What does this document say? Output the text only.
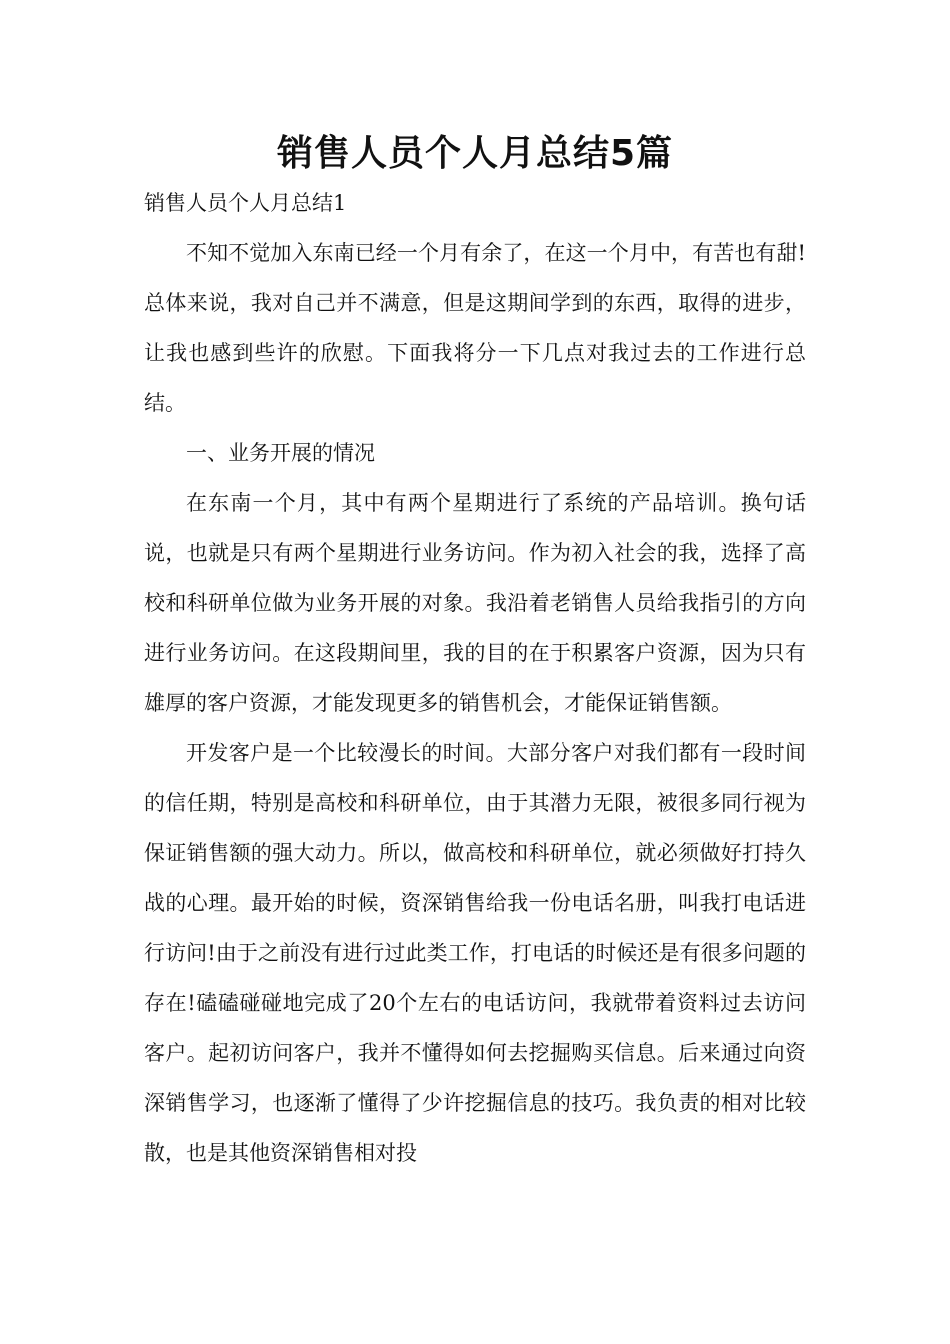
销售人员个人月总结5篇

销售人员个人月总结1

不知不觉加入东南已经一个月有余了，在这一个月中，有苦也有甜!总体来说，我对自己并不满意，但是这期间学到的东西，取得的进步，让我也感到些许的欣慰。下面我将分一下几点对我过去的工作进行总结。

一、业务开展的情况

在东南一个月，其中有两个星期进行了系统的产品培训。换句话说，也就是只有两个星期进行业务访问。作为初入社会的我，选择了高校和科研单位做为业务开展的对象。我沿着老销售人员给我指引的方向进行业务访问。在这段期间里，我的目的在于积累客户资源，因为只有雄厚的客户资源，才能发现更多的销售机会，才能保证销售额。

开发客户是一个比较漫长的时间。大部分客户对我们都有一段时间的信任期，特别是高校和科研单位，由于其潜力无限，被很多同行视为保证销售额的强大动力。所以，做高校和科研单位，就必须做好打持久战的心理。最开始的时候，资深销售给我一份电话名册，叫我打电话进行访问!由于之前没有进行过此类工作，打电话的时候还是有很多问题的存在!磕磕碰碰地完成了20个左右的电话访问，我就带着资料过去访问客户。起初访问客户，我并不懂得如何去挖掘购买信息。后来通过向资深销售学习，也逐渐了懂得了少许挖掘信息的技巧。我负责的相对比较散，也是其他资深销售相对投
